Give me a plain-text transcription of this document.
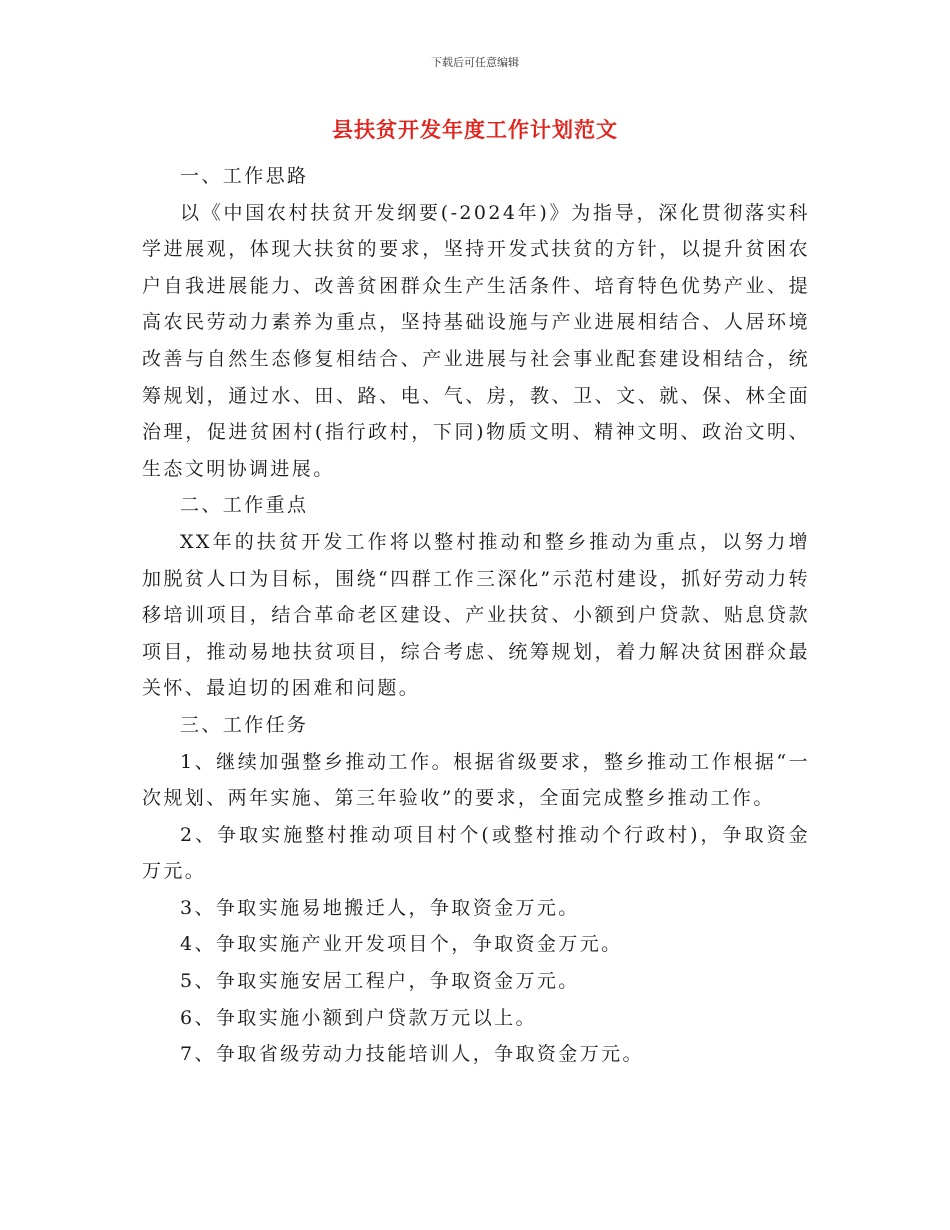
下载后可任意编辑
县扶贫开发年度工作计划范文

一、工作思路

以《中国农村扶贫开发纲要(-2024年)》为指导，深化贯彻落实科学进展观，体现大扶贫的要求，坚持开发式扶贫的方针，以提升贫困农户自我进展能力、改善贫困群众生产生活条件、培育特色优势产业、提高农民劳动力素养为重点，坚持基础设施与产业进展相结合、人居环境改善与自然生态修复相结合、产业进展与社会事业配套建设相结合，统筹规划，通过水、田、路、电、气、房，教、卫、文、就、保、林全面治理，促进贫困村(指行政村，下同)物质文明、精神文明、政治文明、生态文明协调进展。

二、工作重点

XX年的扶贫开发工作将以整村推动和整乡推动为重点，以努力增加脱贫人口为目标，围绕“四群工作三深化”示范村建设，抓好劳动力转移培训项目，结合革命老区建设、产业扶贫、小额到户贷款、贴息贷款项目，推动易地扶贫项目，综合考虑、统筹规划，着力解决贫困群众最关怀、最迫切的困难和问题。

三、工作任务

1、继续加强整乡推动工作。根据省级要求，整乡推动工作根据“一次规划、两年实施、第三年验收”的要求，全面完成整乡推动工作。

2、争取实施整村推动项目村个(或整村推动个行政村)，争取资金万元。

3、争取实施易地搬迁人，争取资金万元。

4、争取实施产业开发项目个，争取资金万元。

5、争取实施安居工程户，争取资金万元。

6、争取实施小额到户贷款万元以上。

7、争取省级劳动力技能培训人，争取资金万元。
